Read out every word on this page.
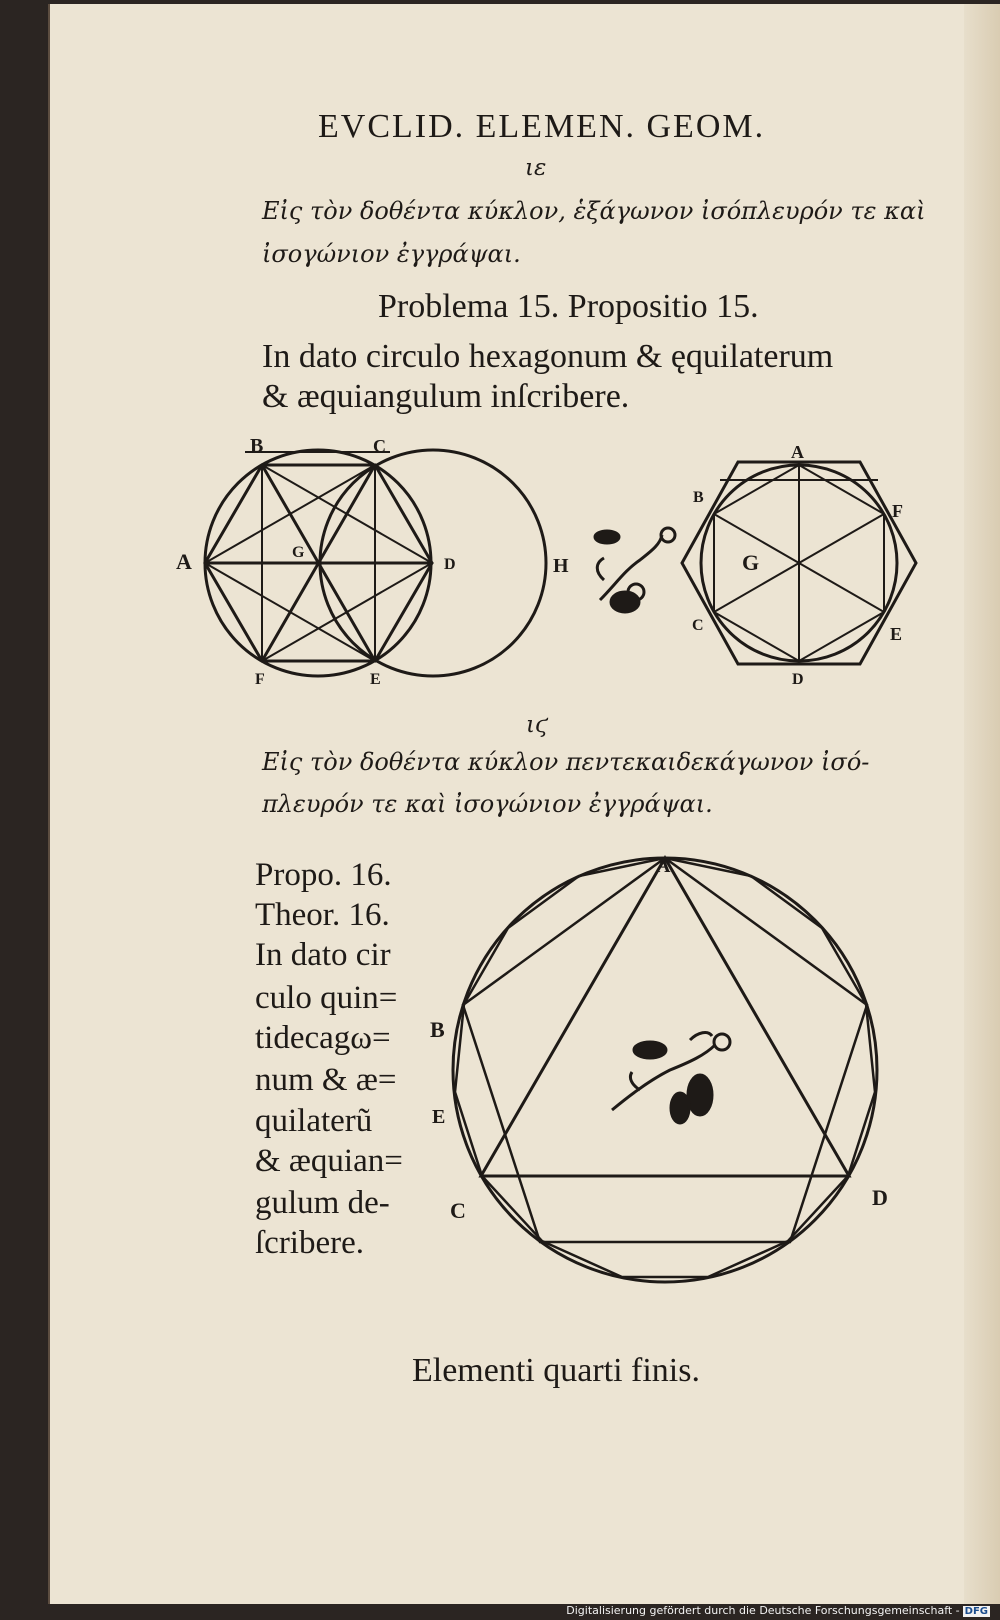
EVCLID. ELEMEN. GEOM.
ιε
Εἰς τὸν δοθέντα κύκλον, ἑξάγωνον ἰσόπλευρόν τε καὶ
ἰσογώνιον ἐγγράψαι.
Problema 15. Propositio 15.
In dato circulo hexagonum & ęquilaterum
& æquiangulum inſcribere.
ιϛ
Εἰς τὸν δοθέντα κύκλον πεντεκαιδεκάγωνον ἰσό-
πλευρόν τε καὶ ἰσογώνιον ἐγγράψαι.
Propo. 16.
Theor. 16.
In dato cir
culo quin=
tidecagω=
num & æ=
quilaterũ
& æquian=
gulum de-
ſcribere.
Elementi quarti finis.
A
B	C
D
E
F
G
H
A
B
C
D
E
F
G
A
B
C
D
E
Digitalisierung gefördert durch die Deutsche Forschungsgemeinschaft - DFG
